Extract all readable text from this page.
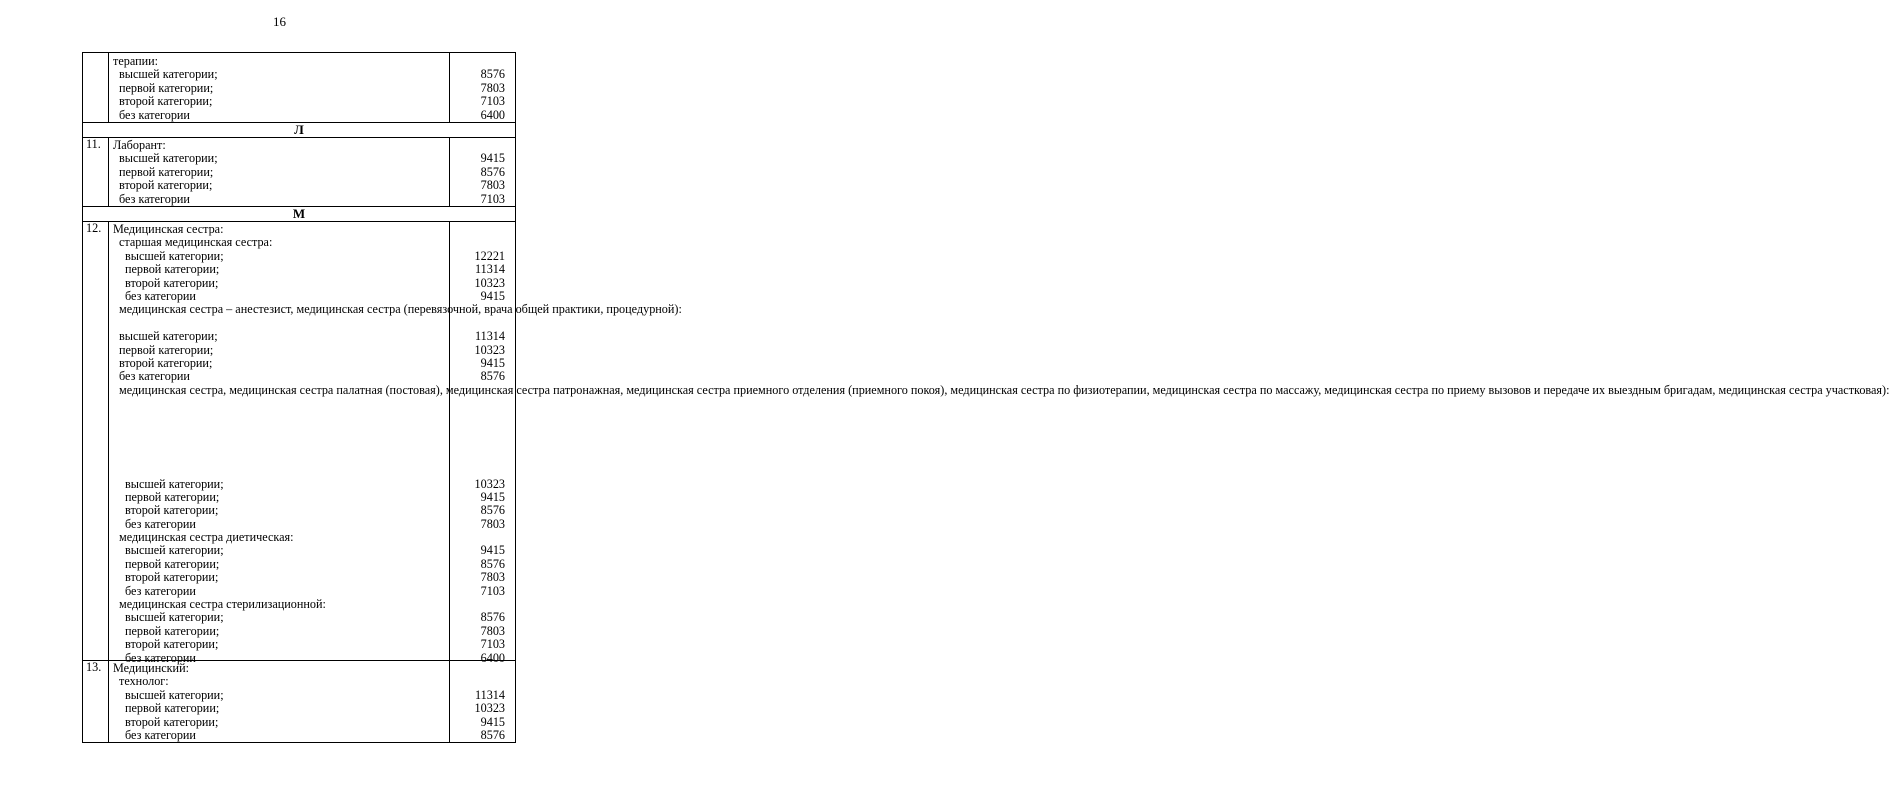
16
терапии:
высшей категории;	8576
первой категории;	7803
второй категории;	7103
без категории	6400
Л
11. Лаборант:
высшей категории;	9415
первой категории;	8576
второй категории;	7803
без категории	7103
М
12. Медицинская сестра:
старшая медицинская сестра:
высшей категории;	12221
первой категории;	11314
второй категории;	10323
без категории	9415
медицинская сестра – анестезист, медицинская сестра (перевязочной, врача общей практики, процедурной):
высшей категории;	11314
первой категории;	10323
второй категории;	9415
без категории	8576
медицинская сестра, медицинская сестра палатная (постовая), медицинская сестра патронажная, медицинская сестра приемного отделения (приемного покоя), медицинская сестра по физиотерапии, медицинская сестра по массажу, медицинская сестра по приему вызовов и передаче их выездным бригадам, медицинская сестра участковая):
высшей категории;	10323
первой категории;	9415
второй категории;	8576
без категории	7803
медицинская сестра диетическая:
высшей категории;	9415
первой категории;	8576
второй категории;	7803
без категории	7103
медицинская сестра стерилизационной:
высшей категории;	8576
первой категории;	7803
второй категории;	7103
без категории	6400
13. Медицинский:
технолог:
высшей категории;	11314
первой категории;	10323
второй категории;	9415
без категории	8576
